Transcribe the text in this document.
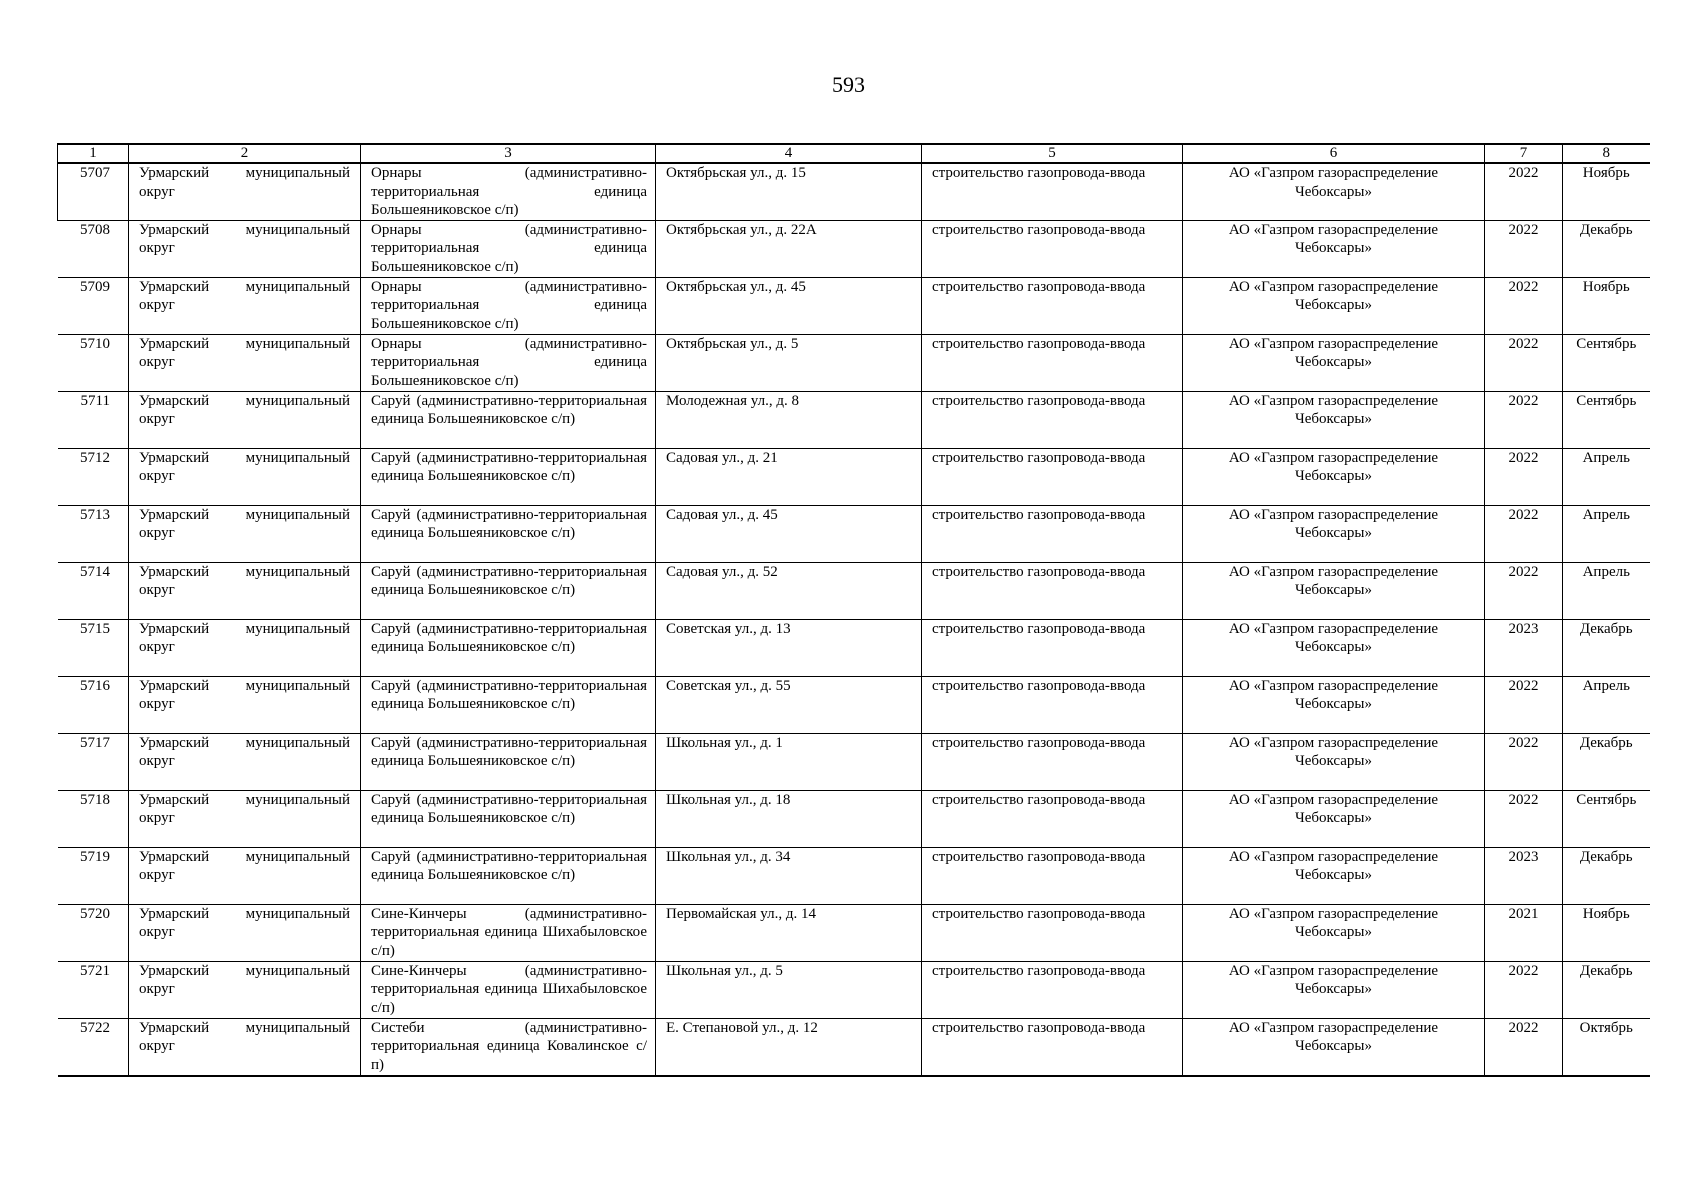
593
1	2	3	4	5	6	7	8
5707	Урмарский муниципальный округ	Орнары (административно-территориальная единица Большеяниковское с/п)	Октябрьская ул., д. 15	строительство газопровода-ввода	АО «Газпром газораспределение Чебоксары»	2022	Ноябрь
5708	Урмарский муниципальный округ	Орнары (административно-территориальная единица Большеяниковское с/п)	Октябрьская ул., д. 22А	строительство газопровода-ввода	АО «Газпром газораспределение Чебоксары»	2022	Декабрь
5709	Урмарский муниципальный округ	Орнары (административно-территориальная единица Большеяниковское с/п)	Октябрьская ул., д. 45	строительство газопровода-ввода	АО «Газпром газораспределение Чебоксары»	2022	Ноябрь
5710	Урмарский муниципальный округ	Орнары (административно-территориальная единица Большеяниковское с/п)	Октябрьская ул., д. 5	строительство газопровода-ввода	АО «Газпром газораспределение Чебоксары»	2022	Сентябрь
5711	Урмарский муниципальный округ	Саруй (административно-территориальная единица Большеяниковское с/п)	Молодежная ул., д. 8	строительство газопровода-ввода	АО «Газпром газораспределение Чебоксары»	2022	Сентябрь
5712	Урмарский муниципальный округ	Саруй (административно-территориальная единица Большеяниковское с/п)	Садовая ул., д. 21	строительство газопровода-ввода	АО «Газпром газораспределение Чебоксары»	2022	Апрель
5713	Урмарский муниципальный округ	Саруй (административно-территориальная единица Большеяниковское с/п)	Садовая ул., д. 45	строительство газопровода-ввода	АО «Газпром газораспределение Чебоксары»	2022	Апрель
5714	Урмарский муниципальный округ	Саруй (административно-территориальная единица Большеяниковское с/п)	Садовая ул., д. 52	строительство газопровода-ввода	АО «Газпром газораспределение Чебоксары»	2022	Апрель
5715	Урмарский муниципальный округ	Саруй (административно-территориальная единица Большеяниковское с/п)	Советская ул., д. 13	строительство газопровода-ввода	АО «Газпром газораспределение Чебоксары»	2023	Декабрь
5716	Урмарский муниципальный округ	Саруй (административно-территориальная единица Большеяниковское с/п)	Советская ул., д. 55	строительство газопровода-ввода	АО «Газпром газораспределение Чебоксары»	2022	Апрель
5717	Урмарский муниципальный округ	Саруй (административно-территориальная единица Большеяниковское с/п)	Школьная ул., д. 1	строительство газопровода-ввода	АО «Газпром газораспределение Чебоксары»	2022	Декабрь
5718	Урмарский муниципальный округ	Саруй (административно-территориальная единица Большеяниковское с/п)	Школьная ул., д. 18	строительство газопровода-ввода	АО «Газпром газораспределение Чебоксары»	2022	Сентябрь
5719	Урмарский муниципальный округ	Саруй (административно-территориальная единица Большеяниковское с/п)	Школьная ул., д. 34	строительство газопровода-ввода	АО «Газпром газораспределение Чебоксары»	2023	Декабрь
5720	Урмарский муниципальный округ	Сине-Кинчеры (административно-территориальная единица Шихабыловское с/п)	Первомайская ул., д. 14	строительство газопровода-ввода	АО «Газпром газораспределение Чебоксары»	2021	Ноябрь
5721	Урмарский муниципальный округ	Сине-Кинчеры (административно-территориальная единица Шихабыловское с/п)	Школьная ул., д. 5	строительство газопровода-ввода	АО «Газпром газораспределение Чебоксары»	2022	Декабрь
5722	Урмарский муниципальный округ	Систеби (административно-территориальная единица Ковалинское с/п)	Е. Степановой ул., д. 12	строительство газопровода-ввода	АО «Газпром газораспределение Чебоксары»	2022	Октябрь
